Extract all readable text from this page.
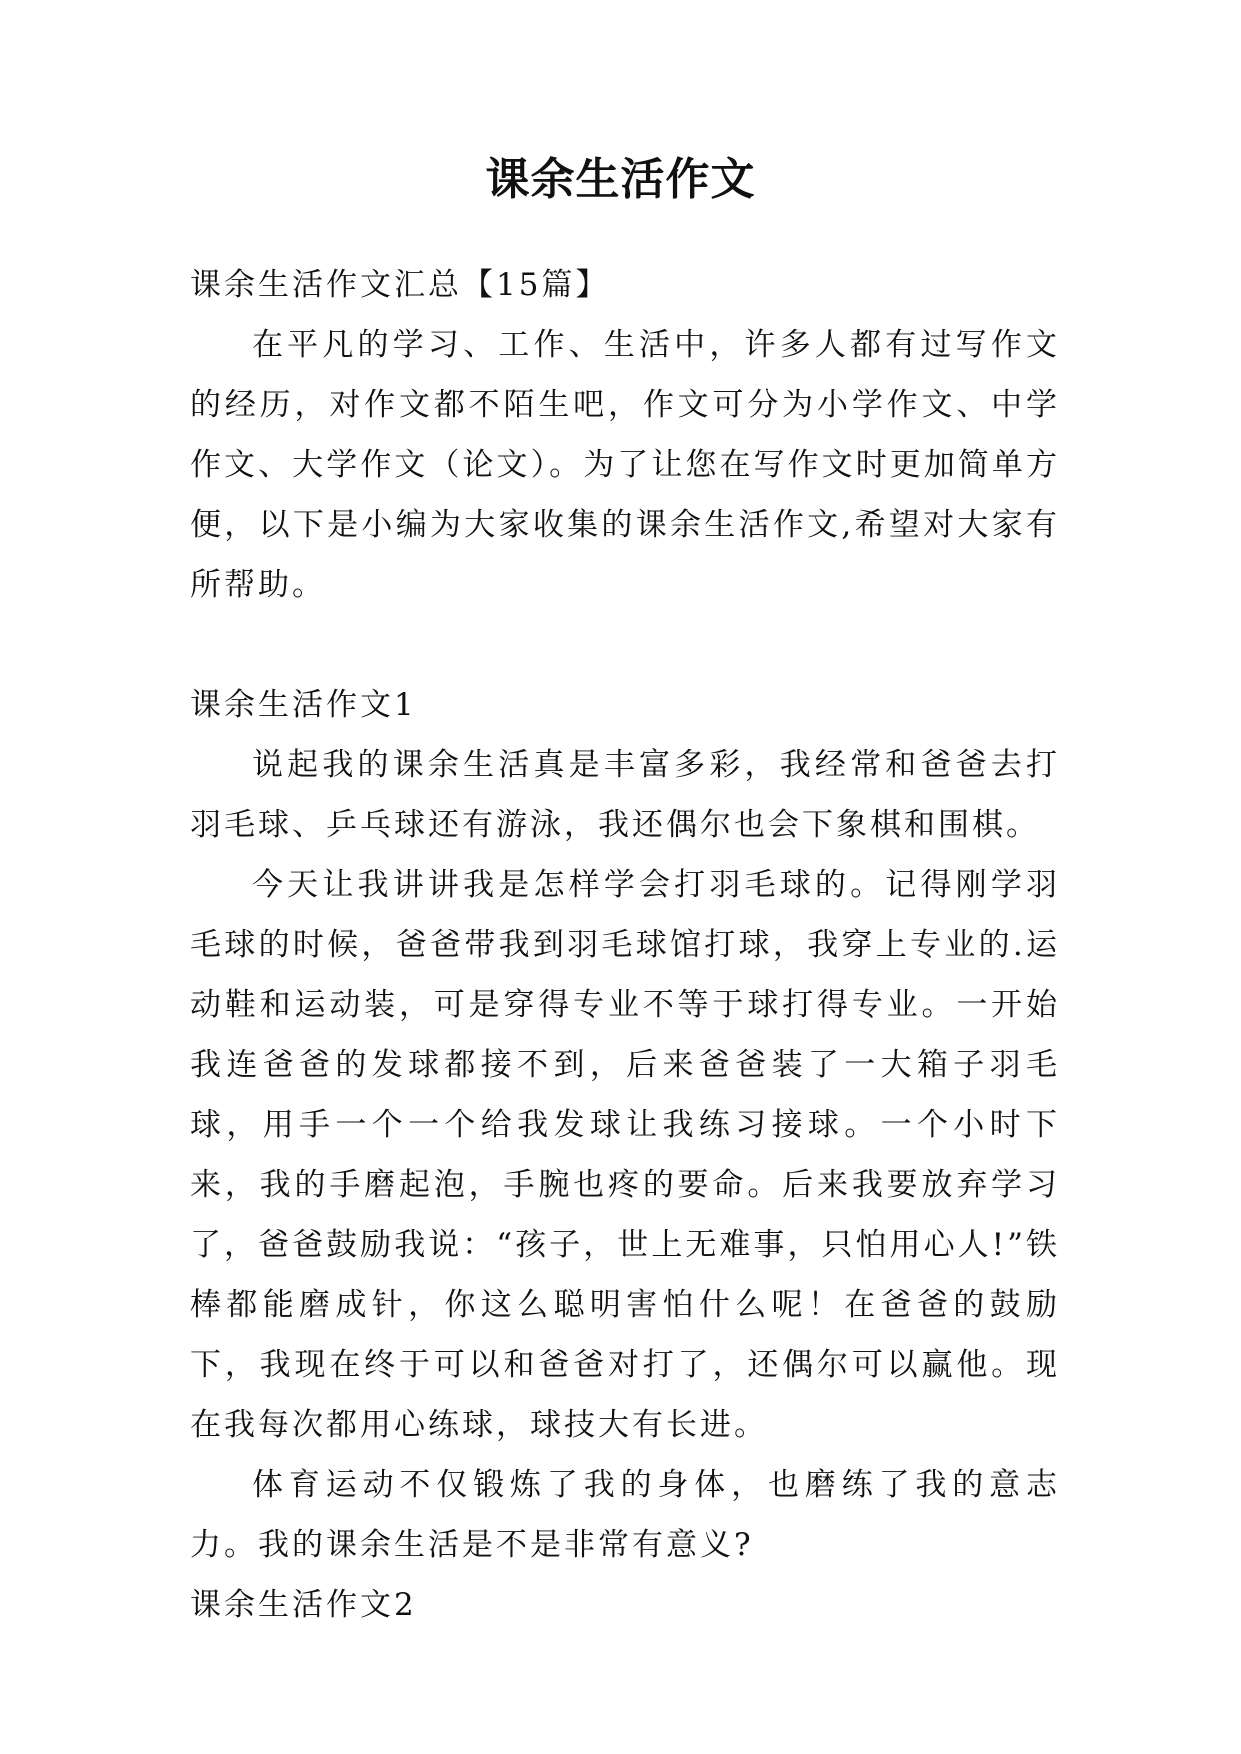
课余生活作文

课余生活作文汇总【15篇】

在平凡的学习、工作、生活中，许多人都有过写作文的经历，对作文都不陌生吧，作文可分为小学作文、中学作文、大学作文（论文）。为了让您在写作文时更加简单方便，以下是小编为大家收集的课余生活作文,希望对大家有所帮助。

课余生活作文1

说起我的课余生活真是丰富多彩，我经常和爸爸去打羽毛球、乒乓球还有游泳，我还偶尔也会下象棋和围棋。

今天让我讲讲我是怎样学会打羽毛球的。记得刚学羽毛球的时候，爸爸带我到羽毛球馆打球，我穿上专业的.运动鞋和运动装，可是穿得专业不等于球打得专业。一开始我连爸爸的发球都接不到，后来爸爸装了一大箱子羽毛球，用手一个一个给我发球让我练习接球。一个小时下来，我的手磨起泡，手腕也疼的要命。后来我要放弃学习了，爸爸鼓励我说：“孩子，世上无难事，只怕用心人!”铁棒都能磨成针，你这么聪明害怕什么呢！在爸爸的鼓励下，我现在终于可以和爸爸对打了，还偶尔可以赢他。现在我每次都用心练球，球技大有长进。

体育运动不仅锻炼了我的身体，也磨练了我的意志力。我的课余生活是不是非常有意义?

课余生活作文2
